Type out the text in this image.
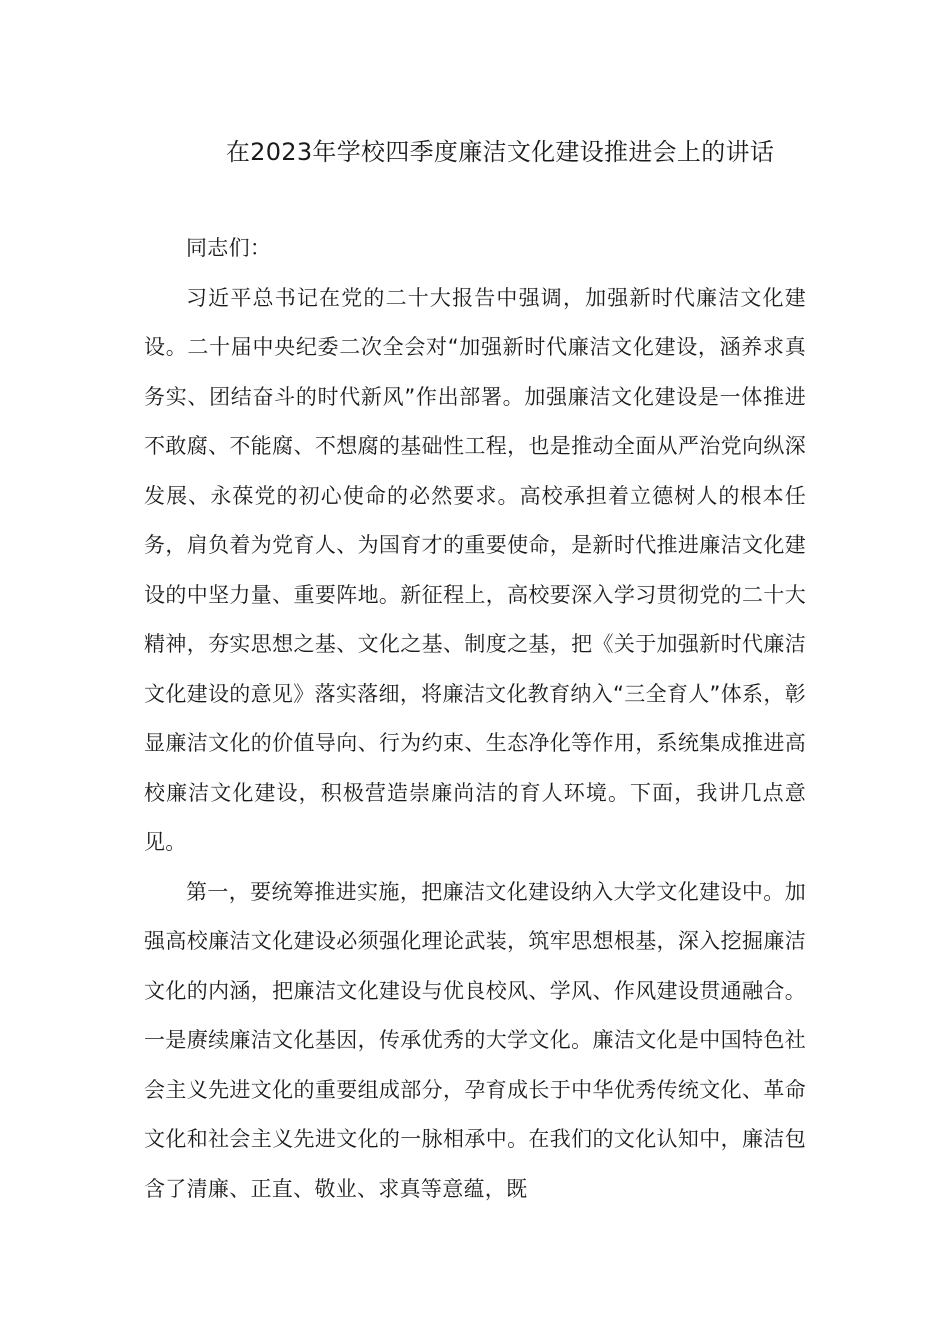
在2023年学校四季度廉洁文化建设推进会上的讲话

同志们：

习近平总书记在党的二十大报告中强调，加强新时代廉洁文化建设。二十届中央纪委二次全会对“加强新时代廉洁文化建设，涵养求真务实、团结奋斗的时代新风”作出部署。加强廉洁文化建设是一体推进不敢腐、不能腐、不想腐的基础性工程，也是推动全面从严治党向纵深发展、永葆党的初心使命的必然要求。高校承担着立德树人的根本任务，肩负着为党育人、为国育才的重要使命，是新时代推进廉洁文化建设的中坚力量、重要阵地。新征程上，高校要深入学习贯彻党的二十大精神，夯实思想之基、文化之基、制度之基，把《关于加强新时代廉洁文化建设的意见》落实落细，将廉洁文化教育纳入“三全育人”体系，彰显廉洁文化的价值导向、行为约束、生态净化等作用，系统集成推进高校廉洁文化建设，积极营造崇廉尚洁的育人环境。下面，我讲几点意见。

第一，要统筹推进实施，把廉洁文化建设纳入大学文化建设中。加强高校廉洁文化建设必须强化理论武装，筑牢思想根基，深入挖掘廉洁文化的内涵，把廉洁文化建设与优良校风、学风、作风建设贯通融合。一是赓续廉洁文化基因，传承优秀的大学文化。廉洁文化是中国特色社会主义先进文化的重要组成部分，孕育成长于中华优秀传统文化、革命文化和社会主义先进文化的一脉相承中。在我们的文化认知中，廉洁包含了清廉、正直、敬业、求真等意蕴，既
